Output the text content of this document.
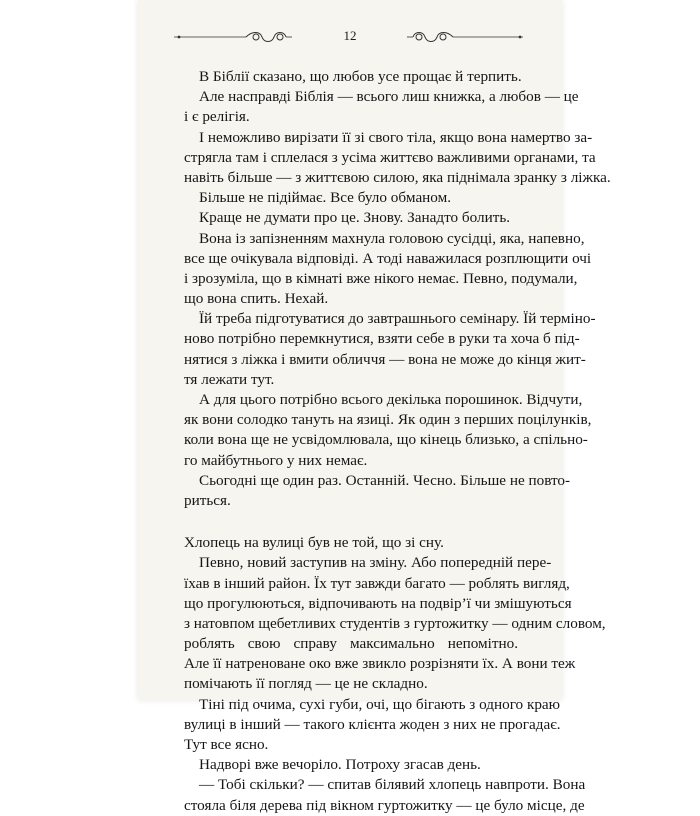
12
В Біблії сказано, що любов усе прощає й терпить.
Але насправді Біблія — всього лиш книжка, а любов — це
і є релігія.
І неможливо вирізати її зі свого тіла, якщо вона намертво за-
стрягла там і сплелася з усіма життєво важливими органами, та
навіть більше — з життєвою силою, яка піднімала зранку з ліжка.
Більше не підіймає. Все було обманом.
Краще не думати про це. Знову. Занадто болить.
Вона із запізненням махнула головою сусідці, яка, напевно,
все ще очікувала відповіді. А тоді наважилася розплющити очі
і зрозуміла, що в кімнаті вже нікого немає. Певно, подумали,
що вона спить. Нехай.
Їй треба підготуватися до завтрашнього семінару. Їй терміно-
ново потрібно перемкнутися, взяти себе в руки та хоча б під-
нятися з ліжка і вмити обличчя — вона не може до кінця жит-
тя лежати тут.
А для цього потрібно всього декілька порошинок. Відчути,
як вони солодко тануть на язиці. Як один з перших поцілунків,
коли вона ще не усвідомлювала, що кінець близько, а спільно-
го майбутнього у них немає.
Сьогодні ще один раз. Останній. Чесно. Більше не повто-
риться.
Хлопець на вулиці був не той, що зі сну.
Певно, новий заступив на зміну. Або попередній пере-
їхав в інший район. Їх тут завжди багато — роблять вигляд,
що прогулюються, відпочивають на подвір’ї чи змішуються
з натовпом щебетливих студентів з гуртожитку — одним словом,
роблять свою справу максимально непомітно.
Але її натреноване око вже звикло розрізняти їх. А вони теж
помічають її погляд — це не складно.
Тіні під очима, сухі губи, очі, що бігають з одного краю
вулиці в інший — такого клієнта жоден з них не прогадає.
Тут все ясно.
Надворі вже вечоріло. Потроху згасав день.
— Тобі скільки? — спитав білявий хлопець навпроти. Вона
стояла біля дерева під вікном гуртожитку — це було місце, де
